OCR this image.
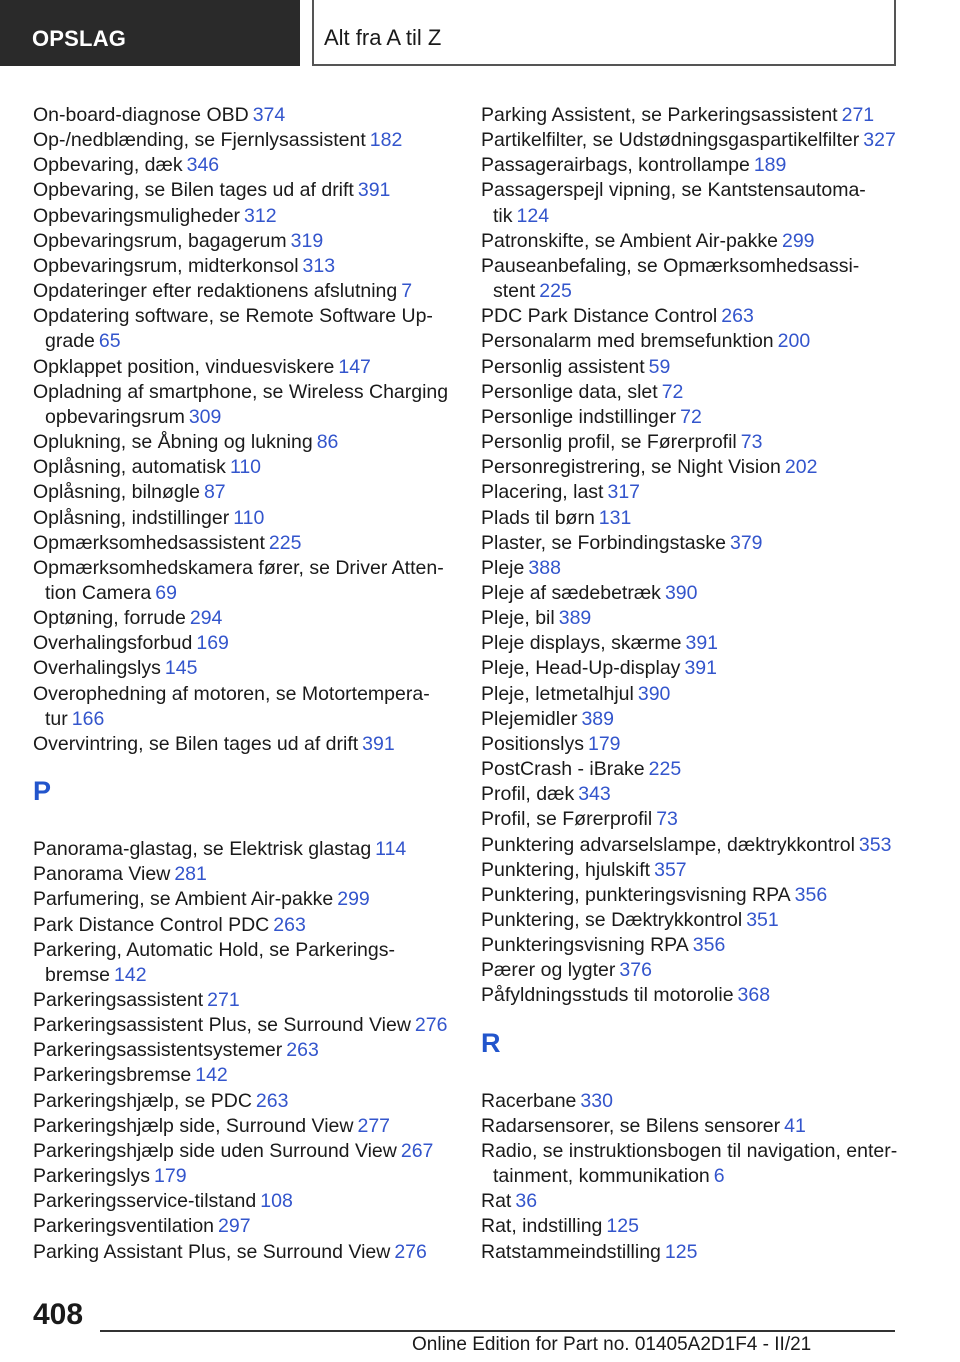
OPSLAG	Alt fra A til Z
On-board-diagnose OBD 374
Op-/nedblænding, se Fjernlysassistent 182
Opbevaring, dæk 346
Opbevaring, se Bilen tages ud af drift 391
Opbevaringsmuligheder 312
Opbevaringsrum, bagagerum 319
Opbevaringsrum, midterkonsol 313
Opdateringer efter redaktionens afslutning 7
Opdatering software, se Remote Software Up-
grade 65
Opklappet position, vinduesviskere 147
Opladning af smartphone, se Wireless Charging
opbevaringsrum 309
Oplukning, se Åbning og lukning 86
Oplåsning, automatisk 110
Oplåsning, bilnøgle 87
Oplåsning, indstillinger 110
Opmærksomhedsassistent 225
Opmærksomhedskamera fører, se Driver Atten-
tion Camera 69
Optøning, forrude 294
Overhalingsforbud 169
Overhalingslys 145
Overophedning af motoren, se Motortempera-
tur 166
Overvintring, se Bilen tages ud af drift 391
P
Panorama-glastag, se Elektrisk glastag 114
Panorama View 281
Parfumering, se Ambient Air-pakke 299
Park Distance Control PDC 263
Parkering, Automatic Hold, se Parkerings-
bremse 142
Parkeringsassistent 271
Parkeringsassistent Plus, se Surround View 276
Parkeringsassistentsystemer 263
Parkeringsbremse 142
Parkeringshjælp, se PDC 263
Parkeringshjælp side, Surround View 277
Parkeringshjælp side uden Surround View 267
Parkeringslys 179
Parkeringsservice-tilstand 108
Parkeringsventilation 297
Parking Assistant Plus, se Surround View 276
Parking Assistent, se Parkeringsassistent 271
Partikelfilter, se Udstødningsgaspartikelfilter 327
Passagerairbags, kontrollampe 189
Passagerspejl vipning, se Kantstensautoma-
tik 124
Patronskifte, se Ambient Air-pakke 299
Pauseanbefaling, se Opmærksomhedsassi-
stent 225
PDC Park Distance Control 263
Personalarm med bremsefunktion 200
Personlig assistent 59
Personlige data, slet 72
Personlige indstillinger 72
Personlig profil, se Førerprofil 73
Personregistrering, se Night Vision 202
Placering, last 317
Plads til børn 131
Plaster, se Forbindingstaske 379
Pleje 388
Pleje af sædebetræk 390
Pleje, bil 389
Pleje displays, skærme 391
Pleje, Head-Up-display 391
Pleje, letmetalhjul 390
Plejemidler 389
Positionslys 179
PostCrash - iBrake 225
Profil, dæk 343
Profil, se Førerprofil 73
Punktering advarselslampe, dæktrykkontrol 353
Punktering, hjulskift 357
Punktering, punkteringsvisning RPA 356
Punktering, se Dæktrykkontrol 351
Punkteringsvisning RPA 356
Pærer og lygter 376
Påfyldningsstuds til motorolie 368
R
Racerbane 330
Radarsensorer, se Bilens sensorer 41
Radio, se instruktionsbogen til navigation, enter-
tainment, kommunikation 6
Rat 36
Rat, indstilling 125
Ratstammeindstilling 125
408
Online Edition for Part no. 01405A2D1F4 - II/21
